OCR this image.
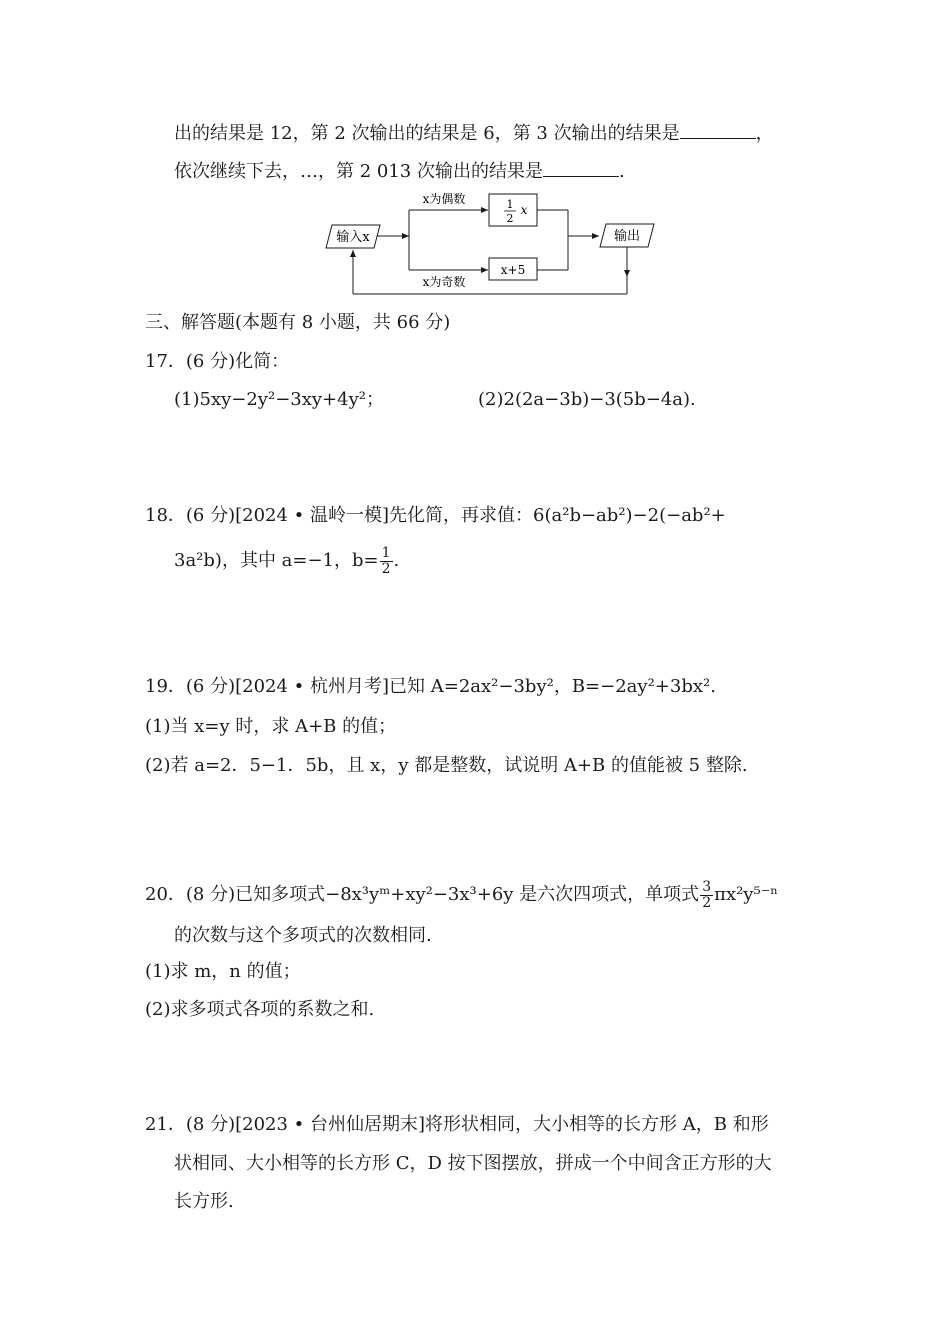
出的结果是 12，第 2 次输出的结果是 6，第 3 次输出的结果是	，
依次继续下去，…，第 2 013 次输出的结果是	.
输入x
x为偶数	1
2
x
x为奇数
x+5
输出
三、解答题(本题有 8 小题，共 66 分)
17．(6 分)化简：
(1)5xy−2y²−3xy+4y²；	(2)2(2a−3b)−3(5b−4a).
18．(6 分)[2024 • 温岭一模]先化简，再求值：6(a²b−ab²)−2(−ab²+
3a²b)，其中 a=−1，$b= \frac{1}{2}$ .
19．(6 分)[2024 • 杭州月考]已知 A=2ax²−3by²，B=−2ay²+3bx².
(1)当 x=y 时，求 A+B 的值；
(2)若 a=2．5−1．5b，且 x，y 都是整数，试说明 A+B 的值能被 5 整除.
20．(8 分)已知多项式−8x³yᵐ+xy²−3x³+6y 是六次四项式，单项式 $\frac{3}{2} \pi x^2y^{5-n}$
的次数与这个多项式的次数相同.
(1)求 m，n 的值；
(2)求多项式各项的系数之和.
21．(8 分)[2023 • 台州仙居期末]将形状相同，大小相等的长方形 A，B 和形
状相同、大小相等的长方形 C，D 按下图摆放，拼成一个中间含正方形的大
长方形.
